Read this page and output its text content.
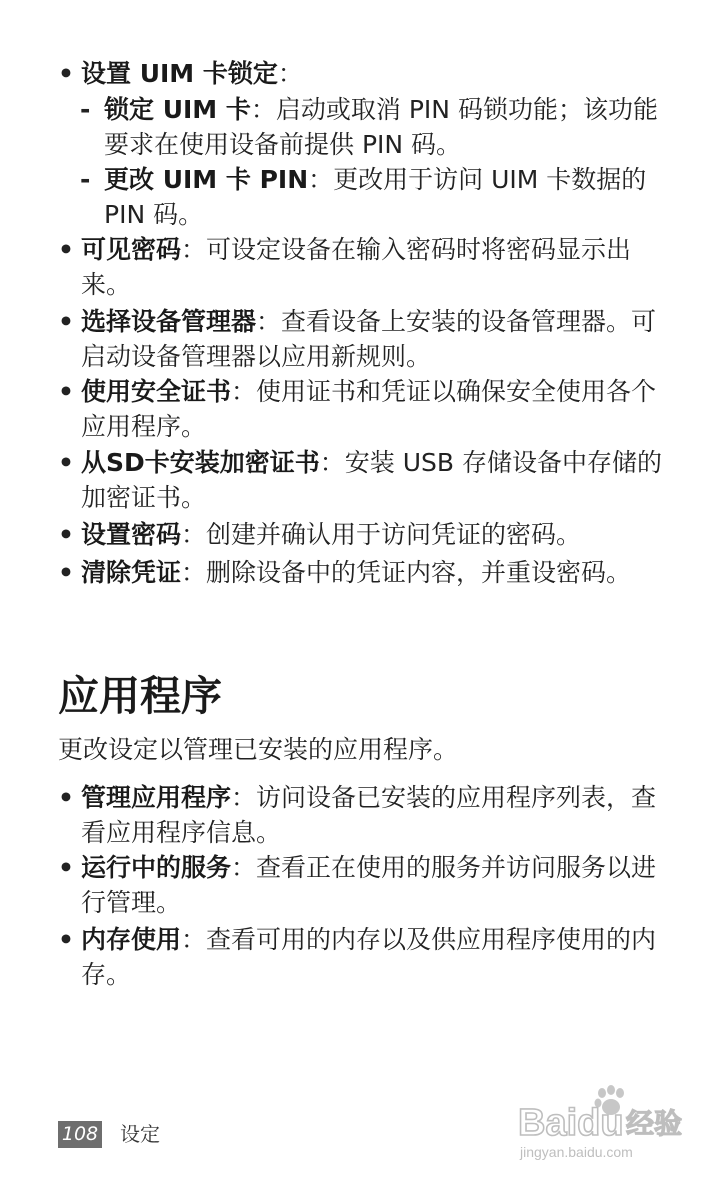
• 设置 UIM 卡锁定：
- 锁定 UIM 卡：启动或取消 PIN 码锁功能；该功能要求在使用设备前提供 PIN 码。
- 更改 UIM 卡 PIN：更改用于访问 UIM 卡数据的 PIN 码。
• 可见密码：可设定设备在输入密码时将密码显示出来。
• 选择设备管理器：查看设备上安装的设备管理器。可启动设备管理器以应用新规则。
• 使用安全证书：使用证书和凭证以确保安全使用各个应用程序。
• 从SD卡安装加密证书：安装 USB 存储设备中存储的加密证书。
• 设置密码：创建并确认用于访问凭证的密码。
• 清除凭证：删除设备中的凭证内容，并重设密码。
应用程序
更改设定以管理已安装的应用程序。
• 管理应用程序：访问设备已安装的应用程序列表，查看应用程序信息。
• 运行中的服务：查看正在使用的服务并访问服务以进行管理。
• 内存使用：查看可用的内存以及供应用程序使用的内存。
108 设定	Baidu 经验
jingyan.baidu.com
